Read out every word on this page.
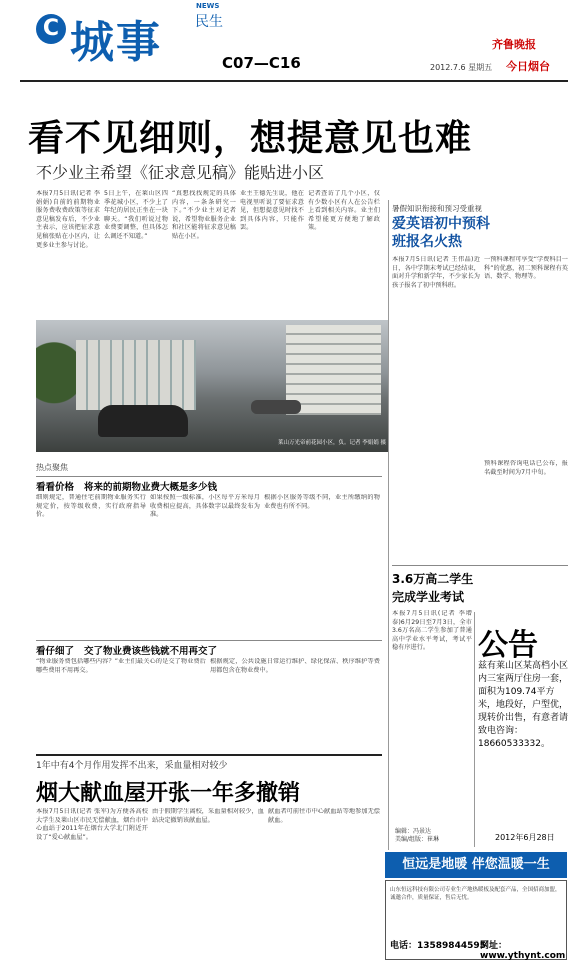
C 城事
NEWS
民生
C07—C16	2012.7.6 星期五
齐鲁晚报
今日烟台
看不见细则，想提意见也难
不少业主希望《征求意见稿》能贴进小区
本报7月5日讯(记者 李娟娟)自前的前期物业服务费收费政策等征求意见稿发布后，不少业主表示，应该把征求意见稿张贴在小区内，让更多业主参与讨论。
5日上午，在莱山区四季花城小区，不少上了年纪的居民正坐在一块聊天。“我们听说过物业费要调整，但具体怎么调还不知道。”
“真想找找规定的具体内容，一条条研究一下。”不少业主对记者说，希望物业服务企业和社区能将征求意见稿贴在小区。
业主王德先生说，他在电视里听说了要征求意见，但想提意见时找不到具体内容，只能作罢。
记者查访了几个小区，仅有少数小区有人在公告栏上看到相关内容。业主们希望能更方便地了解政策。
莱山万光帝前花园小区，负。记者 李娟娟 摄
热点聚焦
看看价格 将来的前期物业费大概是多少钱
细则规定，普通住宅前期物业服务实行规定价，按等级收费，实行政府指导价。
如果按照一级标准，小区每平方米每月收费相应提高，具体数字以最终发布为准。
根据小区服务等级不同，业主所缴纳的物业费也有所不同。
看仔细了 交了物业费该些钱就不用再交了
“物业服务费包括哪些内容？”业主们最关心的是交了物业费后哪些费用不用再交。
根据规定，公共设施日常运行维护、绿化保洁、秩序维护等费用都包含在物业费中。
1年中有4个月作用发挥不出来，采血量相对较少
烟大献血屋开张一年多撤销
本报7月5日讯(记者 张军)为方便各高校大学生及莱山区市民无偿献血，烟台市中心血站于2011年在烟台大学北门附近开设了“爱心献血屋”。
由于假期学生离校，采血量相对较少，血站决定撤销该献血屋。
献血者可前往市中心献血站等地参加无偿献血。
暑假知识衔接和预习受重视
爱英语初中预科班报名火热
本报7月5日讯(记者 王伟晶)近日，各中学期末考试已经结束，面对升学和新学年，不少家长为孩子报名了初中预科班。
一预科课程可享受“学费科目一科”的优惠，初二预科课程有英语、数学、物理等。
预科课程咨询电话已公布，报名截至时间为7月中旬。
3.6万高二学生完成学业考试
本报7月5日讯(记者 李增泰)6月29日至7月3日，全市3.6万名高二学生参加了普通高中学业水平考试，考试平稳有序进行。
编辑：冯景达
美编/组版：崔琳
公告
兹有莱山区某高档小区内三室两厅住房一套，面积为109.74平方米，地段好，户型优，现转价出售，有意者请致电咨询：18660533332。
2012年6月28日
恒远是地暖 伴您温暖一生
山东恒远科技有限公司专业生产地热暖板及配套产品，全国招商加盟，诚邀合作，质量保证，售后无忧。
电话：13589844595
网址：www.ythynt.com
